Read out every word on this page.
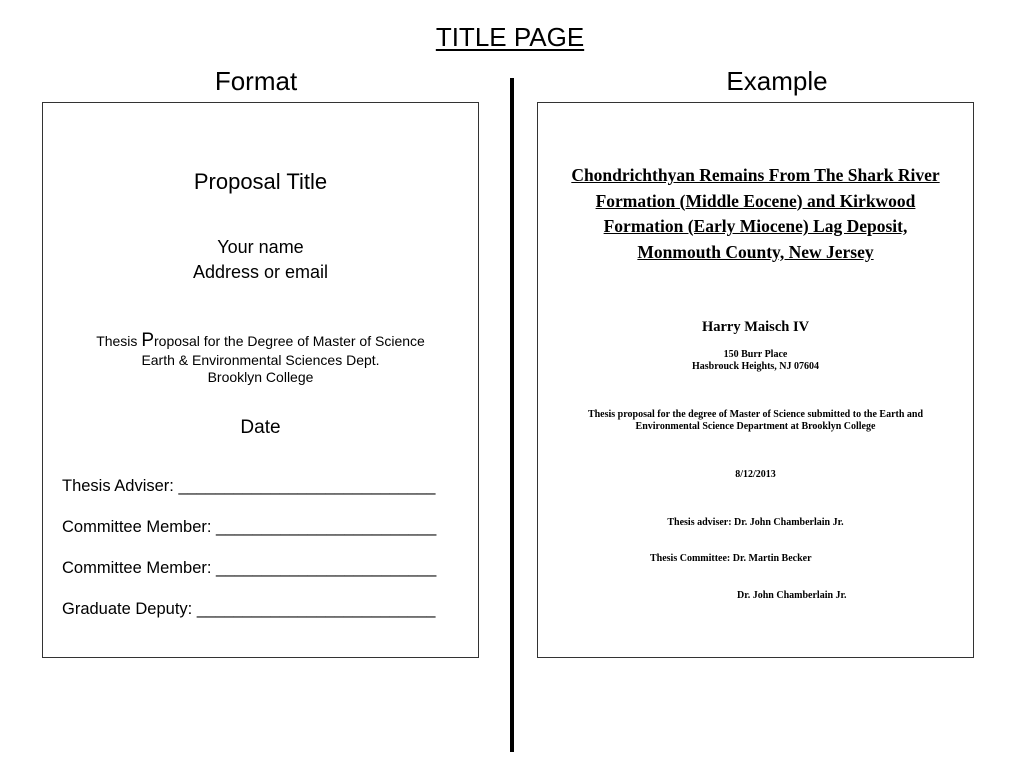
TITLE PAGE
Format	Example
Proposal Title
Your name
Address or email
Thesis Proposal for the Degree of Master of Science
Earth & Environmental Sciences Dept.
Brooklyn College
Date
Thesis Adviser: ____________________________
Committee Member: ________________________
Committee Member: ________________________
Graduate Deputy: __________________________
Chondrichthyan Remains From The Shark River
Formation (Middle Eocene) and Kirkwood
Formation (Early Miocene) Lag Deposit,
Monmouth County, New Jersey
Harry Maisch IV
150 Burr Place
Hasbrouck Heights, NJ 07604
Thesis proposal for the degree of Master of Science submitted to the Earth and
Environmental Science Department at Brooklyn College
8/12/2013
Thesis adviser: Dr. John Chamberlain Jr.
Thesis Committee: Dr. Martin Becker
Dr. John Chamberlain Jr.
